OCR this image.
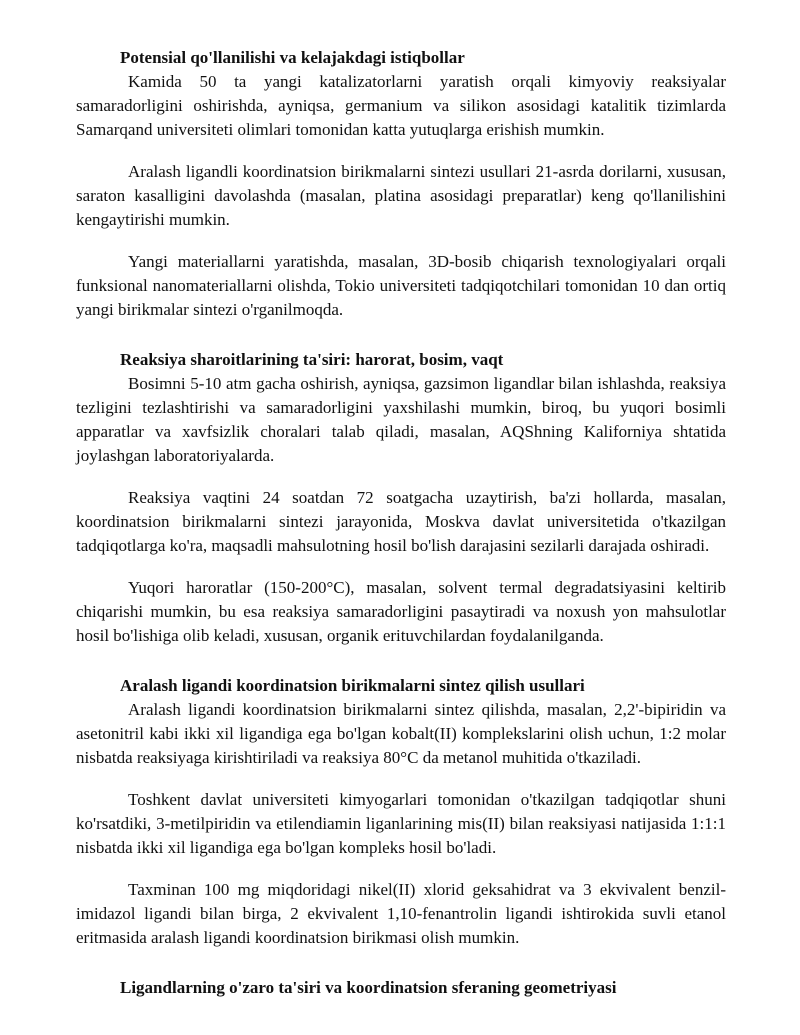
Potensial qo'llanilishi va kelajakdagi istiqbollar

Kamida 50 ta yangi katalizatorlarni yaratish orqali kimyoviy reaksiyalar samaradorligini oshirishda, ayniqsa, germanium va silikon asosidagi katalitik tizimlarda Samarqand universiteti olimlari tomonidan katta yutuqlarga erishish mumkin.

Aralash ligandli koordinatsion birikmalarni sintezi usullari 21-asrda dorilarni, xususan, saraton kasalligini davolashda (masalan, platina asosidagi preparatlar) keng qo'llanilishini kengaytirishi mumkin.

Yangi materiallarni yaratishda, masalan, 3D-bosib chiqarish texnologiyalari orqali funksional nanomateriallarni olishda, Tokio universiteti tadqiqotchilari tomonidan 10 dan ortiq yangi birikmalar sintezi o'rganilmoqda.

Reaksiya sharoitlarining ta'siri: harorat, bosim, vaqt

Bosimni 5-10 atm gacha oshirish, ayniqsa, gazsimon ligandlar bilan ishlashda, reaksiya tezligini tezlashtirishi va samaradorligini yaxshilashi mumkin, biroq, bu yuqori bosimli apparatlar va xavfsizlik choralari talab qiladi, masalan, AQShning Kaliforniya shtatida joylashgan laboratoriyalarda.

Reaksiya vaqtini 24 soatdan 72 soatgacha uzaytirish, ba'zi hollarda, masalan, koordinatsion birikmalarni sintezi jarayonida, Moskva davlat universitetida o'tkazilgan tadqiqotlarga ko'ra, maqsadli mahsulotning hosil bo'lish darajasini sezilarli darajada oshiradi.

Yuqori haroratlar (150-200°C), masalan, solvent termal degradatsiyasini keltirib chiqarishi mumkin, bu esa reaksiya samaradorligini pasaytiradi va noxush yon mahsulotlar hosil bo'lishiga olib keladi, xususan, organik erituvchilardan foydalanilganda.

Aralash ligandi koordinatsion birikmalarni sintez qilish usullari

Aralash ligandi koordinatsion birikmalarni sintez qilishda, masalan, 2,2'-bipiridin va asetonitril kabi ikki xil ligandiga ega bo'lgan kobalt(II) komplekslarini olish uchun, 1:2 molar nisbatda reaksiyaga kirishtiriladi va reaksiya 80°C da metanol muhitida o'tkaziladi.

Toshkent davlat universiteti kimyogarlari tomonidan o'tkazilgan tadqiqotlar shuni ko'rsatdiki, 3-metilpiridin va etilendiamin liganlarining mis(II) bilan reaksiyasi natijasida 1:1:1 nisbatda ikki xil ligandiga ega bo'lgan kompleks hosil bo'ladi.

Taxminan 100 mg miqdoridagi nikel(II) xlorid geksahidrat va 3 ekvivalent benzil-imidazol ligandi bilan birga, 2 ekvivalent 1,10-fenantrolin ligandi ishtirokida suvli etanol eritmasida aralash ligandi koordinatsion birikmasi olish mumkin.

Ligandlarning o'zaro ta'siri va koordinatsion sferaning geometriyasi
